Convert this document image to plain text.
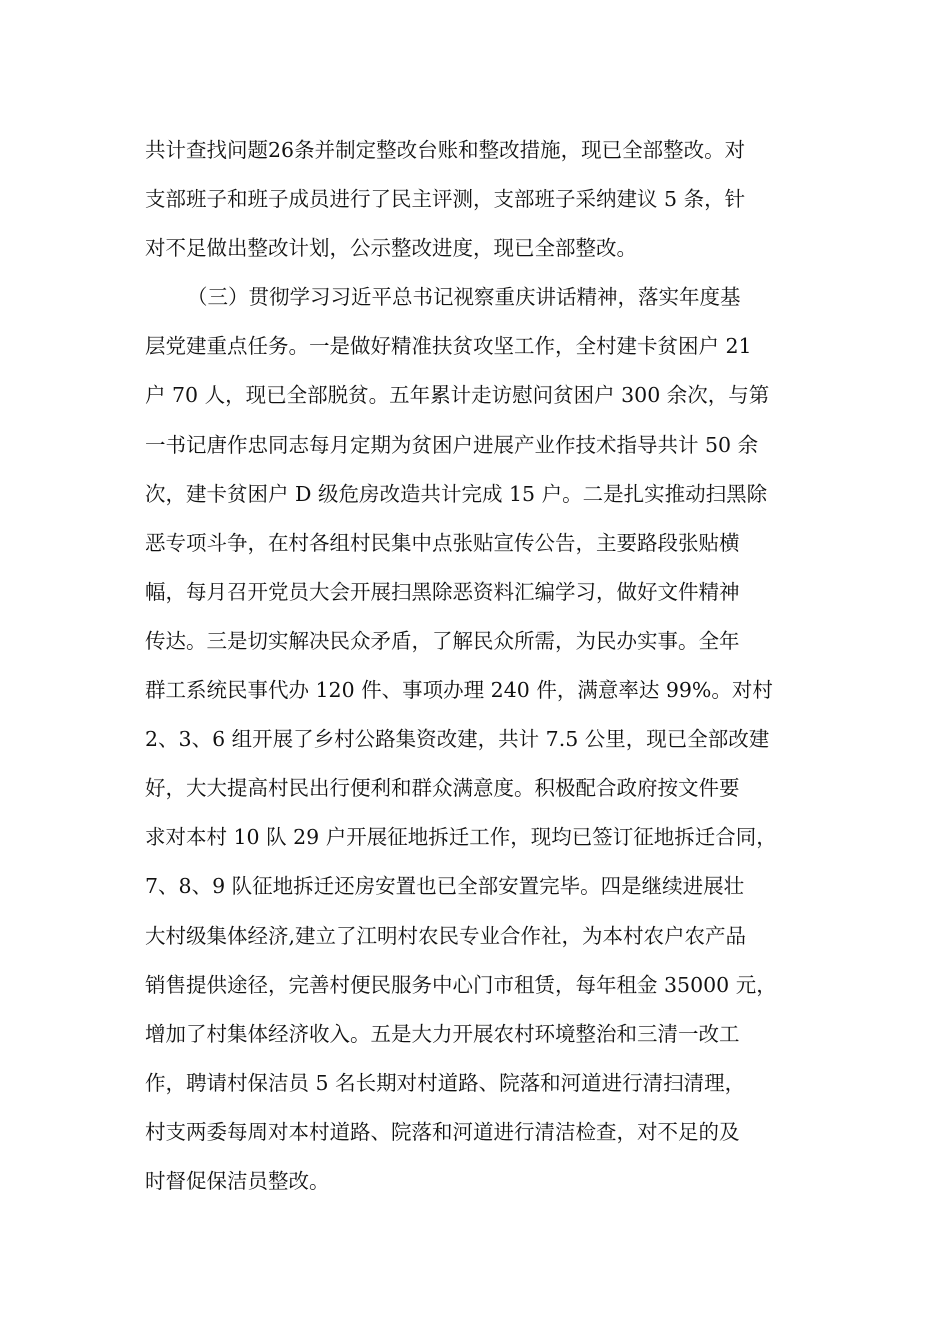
共计查找问题26条并制定整改台账和整改措施，现已全部整改。对
支部班子和班子成员进行了民主评测，支部班子采纳建议 5 条，针
对不足做出整改计划，公示整改进度，现已全部整改。
（三）贯彻学习习近平总书记视察重庆讲话精神，落实年度基
层党建重点任务。一是做好精准扶贫攻坚工作，全村建卡贫困户 21
户 70 人，现已全部脱贫。五年累计走访慰问贫困户 300 余次，与第
一书记唐作忠同志每月定期为贫困户进展产业作技术指导共计 50 余
次，建卡贫困户 D 级危房改造共计完成 15 户。二是扎实推动扫黑除
恶专项斗争，在村各组村民集中点张贴宣传公告，主要路段张贴横
幅，每月召开党员大会开展扫黑除恶资料汇编学习，做好文件精神
传达。三是切实解决民众矛盾，了解民众所需，为民办实事。全年
群工系统民事代办 120 件、事项办理 240 件，满意率达 99%。对村
2、3、6 组开展了乡村公路集资改建，共计 7.5 公里，现已全部改建
好，大大提高村民出行便利和群众满意度。积极配合政府按文件要
求对本村 10 队 29 户开展征地拆迁工作，现均已签订征地拆迁合同，
7、8、9 队征地拆迁还房安置也已全部安置完毕。四是继续进展壮
大村级集体经济,建立了江明村农民专业合作社，为本村农户农产品
销售提供途径，完善村便民服务中心门市租赁，每年租金 35000 元，
增加了村集体经济收入。五是大力开展农村环境整治和三清一改工
作，聘请村保洁员 5 名长期对村道路、院落和河道进行清扫清理，
村支两委每周对本村道路、院落和河道进行清洁检查，对不足的及
时督促保洁员整改。
